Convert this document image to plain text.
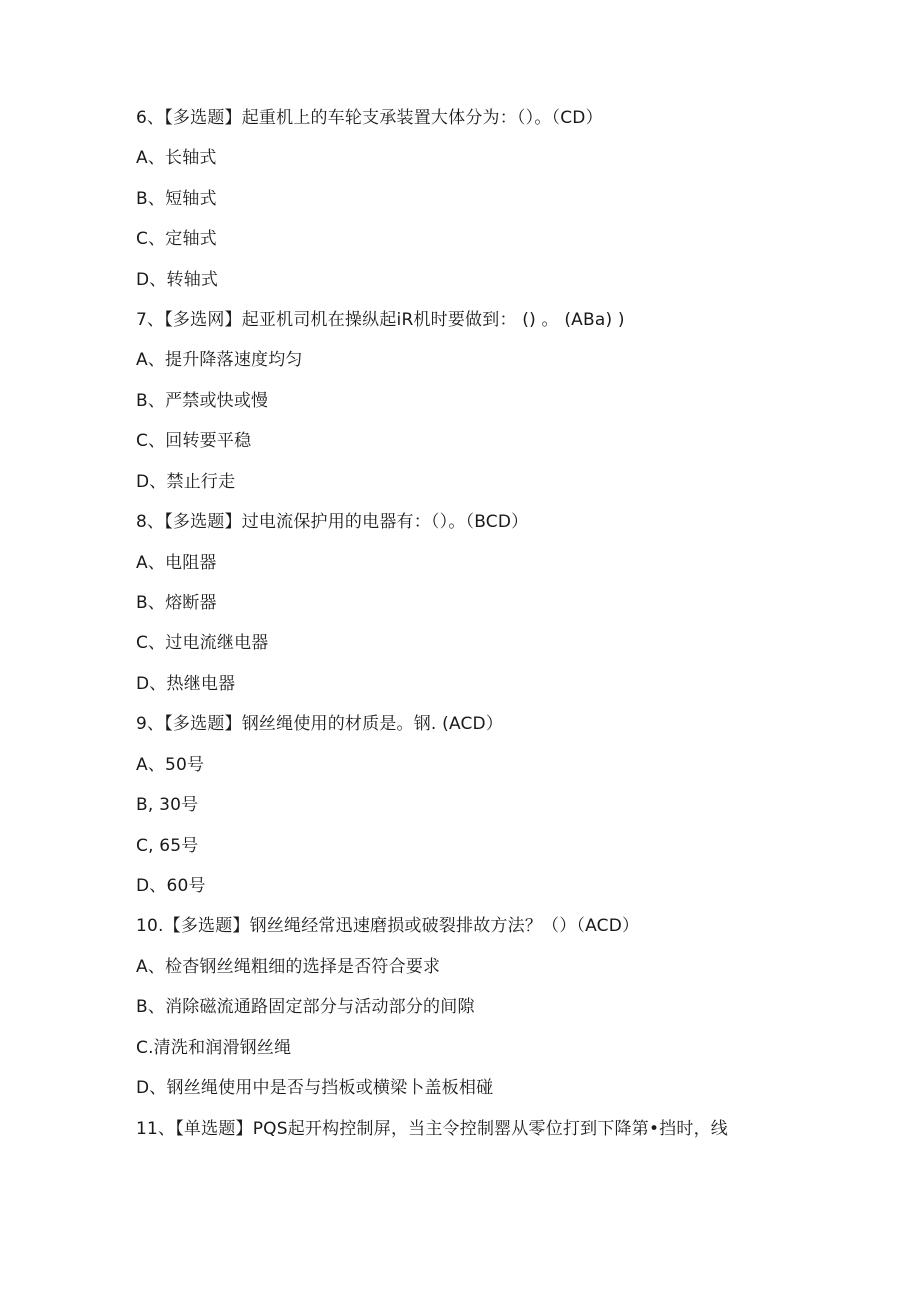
6、【多选题】起重机上的车轮支承装置大体分为：（）。（CD）
A、长轴式
B、短轴式
C、定轴式
D、转轴式
7、【多选网】起亚机司机在操纵起iR机时要做到： () 。 (ABa) )
A、提升降落速度均匀
B、严禁或快或慢
C、回转要平稳
D、禁止行走
8、【多选题】过电流保护用的电器有：（）。（BCD）
A、电阻器
B、熔断器
C、过电流继电器
D、热继电器
9、【多选题】钢丝绳使用的材质是。钢. (ACD）
A、50号
B, 30号
C, 65号
D、60号
10.【多选题】钢丝绳经常迅速磨损或破裂排故方法？（）（ACD）
A、检杳钢丝绳粗细的选择是否符合要求
B、消除磁流通路固定部分与活动部分的间隙
C.清洗和润滑钢丝绳
D、钢丝绳使用中是否与挡板或横梁卜盖板相碰
11、【单选题】PQS起开构控制屏，当主令控制罂从零位打到下降第•挡时，线
